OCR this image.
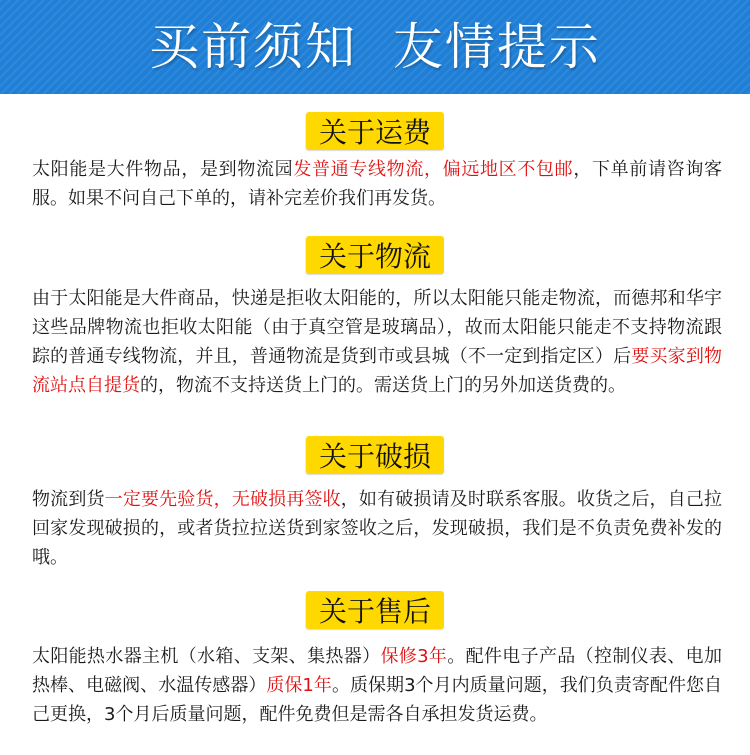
买前须知  友情提示
关于运费

太阳能是大件物品，是到物流园发普通专线物流，偏远地区不包邮，下单前请咨询客服。如果不问自己下单的，请补完差价我们再发货。

关于物流

由于太阳能是大件商品，快递是拒收太阳能的，所以太阳能只能走物流，而德邦和华宇这些品牌物流也拒收太阳能（由于真空管是玻璃品），故而太阳能只能走不支持物流跟踪的普通专线物流，并且，普通物流是货到市或县城（不一定到指定区）后要买家到物流站点自提货的，物流不支持送货上门的。需送货上门的另外加送货费的。

关于破损

物流到货一定要先验货，无破损再签收，如有破损请及时联系客服。收货之后，自己拉回家发现破损的，或者货拉拉送货到家签收之后，发现破损，我们是不负责免费补发的哦。

关于售后

太阳能热水器主机（水箱、支架、集热器）保修3年。配件电子产品（控制仪表、电加热棒、电磁阀、水温传感器）质保1年。质保期3个月内质量问题，我们负责寄配件您自己更换，3个月后质量问题，配件免费但是需各自承担发货运费。
